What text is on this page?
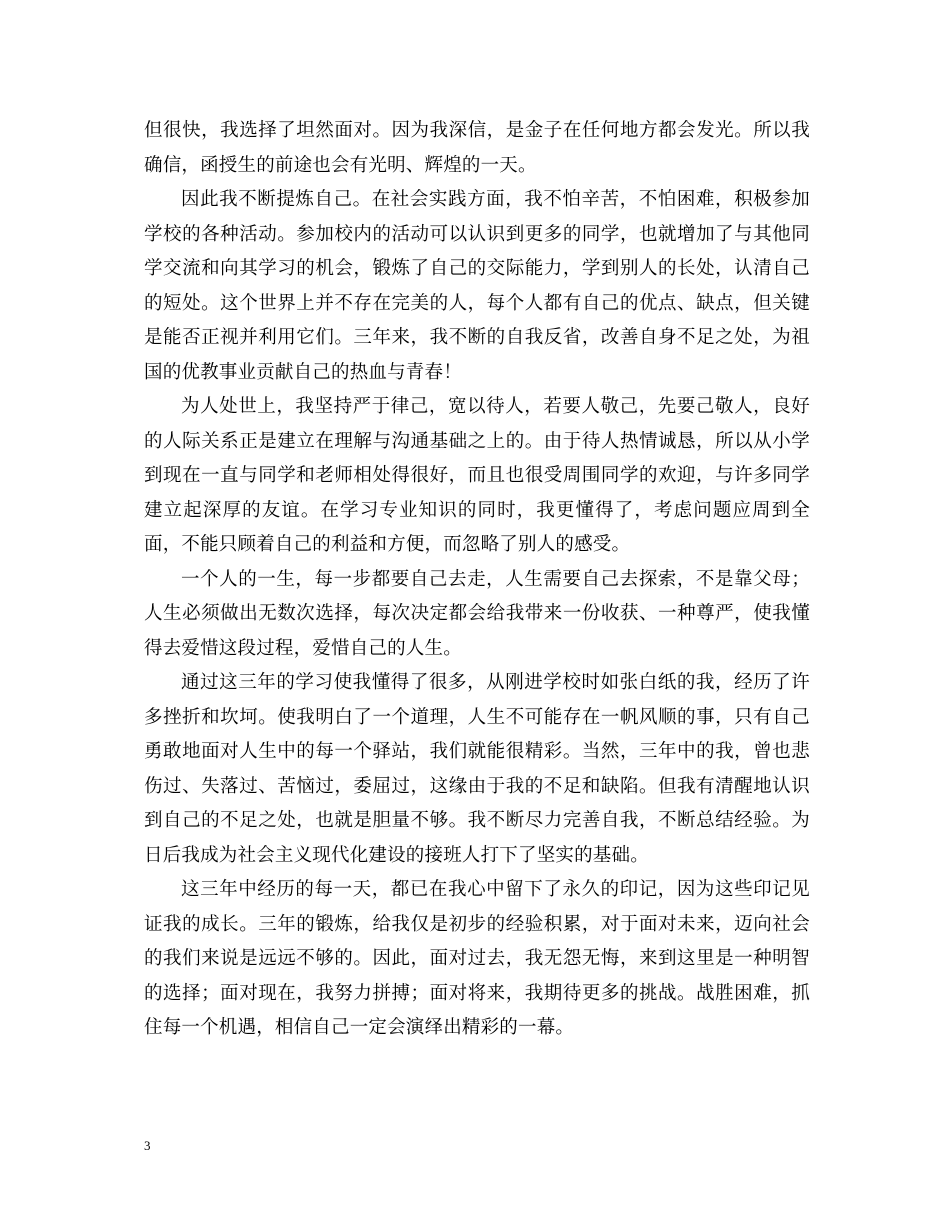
但很快，我选择了坦然面对。因为我深信，是金子在任何地方都会发光。所以我确信，函授生的前途也会有光明、辉煌的一天。

因此我不断提炼自己。在社会实践方面，我不怕辛苦，不怕困难，积极参加学校的各种活动。参加校内的活动可以认识到更多的同学，也就增加了与其他同学交流和向其学习的机会，锻炼了自己的交际能力，学到别人的长处，认清自己的短处。这个世界上并不存在完美的人，每个人都有自己的优点、缺点，但关键是能否正视并利用它们。三年来，我不断的自我反省，改善自身不足之处，为祖国的优教事业贡献自己的热血与青春！

为人处世上，我坚持严于律己，宽以待人，若要人敬己，先要己敬人，良好的人际关系正是建立在理解与沟通基础之上的。由于待人热情诚恳，所以从小学到现在一直与同学和老师相处得很好，而且也很受周围同学的欢迎，与许多同学建立起深厚的友谊。在学习专业知识的同时，我更懂得了，考虑问题应周到全面，不能只顾着自己的利益和方便，而忽略了别人的感受。

一个人的一生，每一步都要自己去走，人生需要自己去探索，不是靠父母；人生必须做出无数次选择，每次决定都会给我带来一份收获、一种尊严，使我懂得去爱惜这段过程，爱惜自己的人生。

通过这三年的学习使我懂得了很多，从刚进学校时如张白纸的我，经历了许多挫折和坎坷。使我明白了一个道理，人生不可能存在一帆风顺的事，只有自己勇敢地面对人生中的每一个驿站，我们就能很精彩。当然，三年中的我，曾也悲伤过、失落过、苦恼过，委屈过，这缘由于我的不足和缺陷。但我有清醒地认识到自己的不足之处，也就是胆量不够。我不断尽力完善自我，不断总结经验。为日后我成为社会主义现代化建设的接班人打下了坚实的基础。

这三年中经历的每一天，都已在我心中留下了永久的印记，因为这些印记见证我的成长。三年的锻炼，给我仅是初步的经验积累，对于面对未来，迈向社会的我们来说是远远不够的。因此，面对过去，我无怨无悔，来到这里是一种明智的选择；面对现在，我努力拼搏；面对将来，我期待更多的挑战。战胜困难，抓住每一个机遇，相信自己一定会演绎出精彩的一幕。

3
